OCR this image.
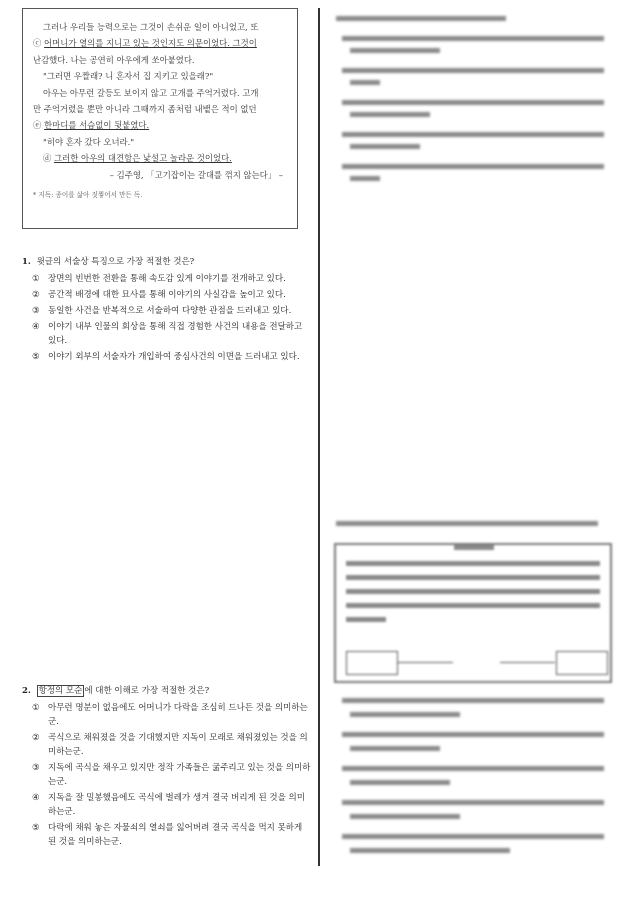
그러나 우리들 능력으로는 그것이 손쉬운 일이 아니었고, 또

ⓒ 어머니가 열의를 지니고 있는 것인지도 의문이었다. 그것이

난감했다. 나는 공연히 아우에게 쏘아붙였다.

"그러면 우짤래? 니 혼자서 집 지키고 있을래?"

아우는 아무런 갈등도 보이지 않고 고개를 주억거렸다. 고개

만 주억거렸을 뿐만 아니라 그때까지 좀처럼 내뱉은 적이 없던

ⓔ 한마디를 서슴없이 뒷붙였다.

"히야 혼자 갔다 오너라."

ⓓ 그러한 아우의 대견함은 낯설고 놀라운 것이었다.

– 김주영, 「고기잡이는 갈대를 꺾지 않는다」 –

* 지독: 종이를 삶아 짓찧어서 만든 독.

1. 윗글의 서술상 특징으로 가장 적절한 것은?
① 장면의 빈번한 전환을 통해 속도감 있게 이야기를 전개하고 있다.
② 공간적 배경에 대한 묘사를 통해 이야기의 사실감을 높이고 있다.
③ 동일한 사건을 반복적으로 서술하여 다양한 관점을 드러내고 있다.
④ 이야기 내부 인물의 회상을 통해 직접 경험한 사건의 내용을 전달하고 있다.
⑤ 이야기 외부의 서술자가 개입하여 중심사건의 이면을 드러내고 있다.
2. 항정의 모순 에 대한 이해로 가장 적절한 것은?
① 아무런 명분이 없음에도 어머니가 다락을 조심히 드나든 것을 의미하는군.
② 곡식으로 채워졌을 것을 기대했지만 지독이 모래로 채워졌있는 것을 의미하는군.
③ 지독에 곡식을 채우고 있지만 정작 가족들은 굶주리고 있는 것을 의미하는군.
④ 지독을 잘 밀봉했음에도 곡식에 벌레가 생겨 결국 버리게 된 것을 의미하는군.
⑤ 다락에 채워 놓은 자물쇠의 열쇠를 잃어버려 결국 곡식을 먹지 못하게 된 것을 의미하는군.
